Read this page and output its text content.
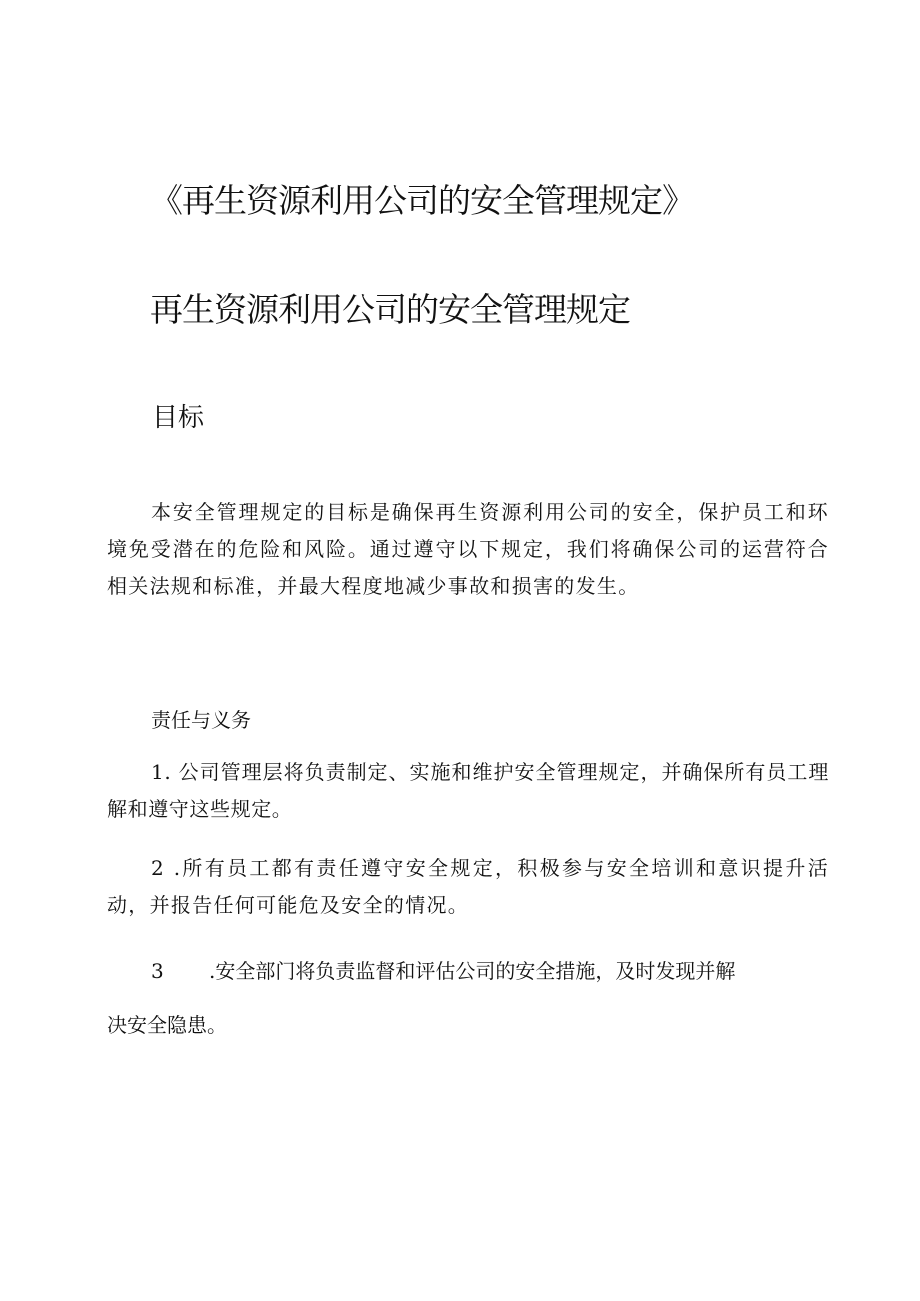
《再生资源利用公司的安全管理规定》
再生资源利用公司的安全管理规定
目标

本安全管理规定的目标是确保再生资源利用公司的安全，保护员工和环境免受潜在的危险和风险。通过遵守以下规定，我们将确保公司的运营符合相关法规和标准，并最大程度地减少事故和损害的发生。

责任与义务

1. 公司管理层将负责制定、实施和维护安全管理规定，并确保所有员工理解和遵守这些规定。

2 .所有员工都有责任遵守安全规定，积极参与安全培训和意识提升活动，并报告任何可能危及安全的情况。

3 .安全部门将负责监督和评估公司的安全措施，及时发现并解

决安全隐患。
